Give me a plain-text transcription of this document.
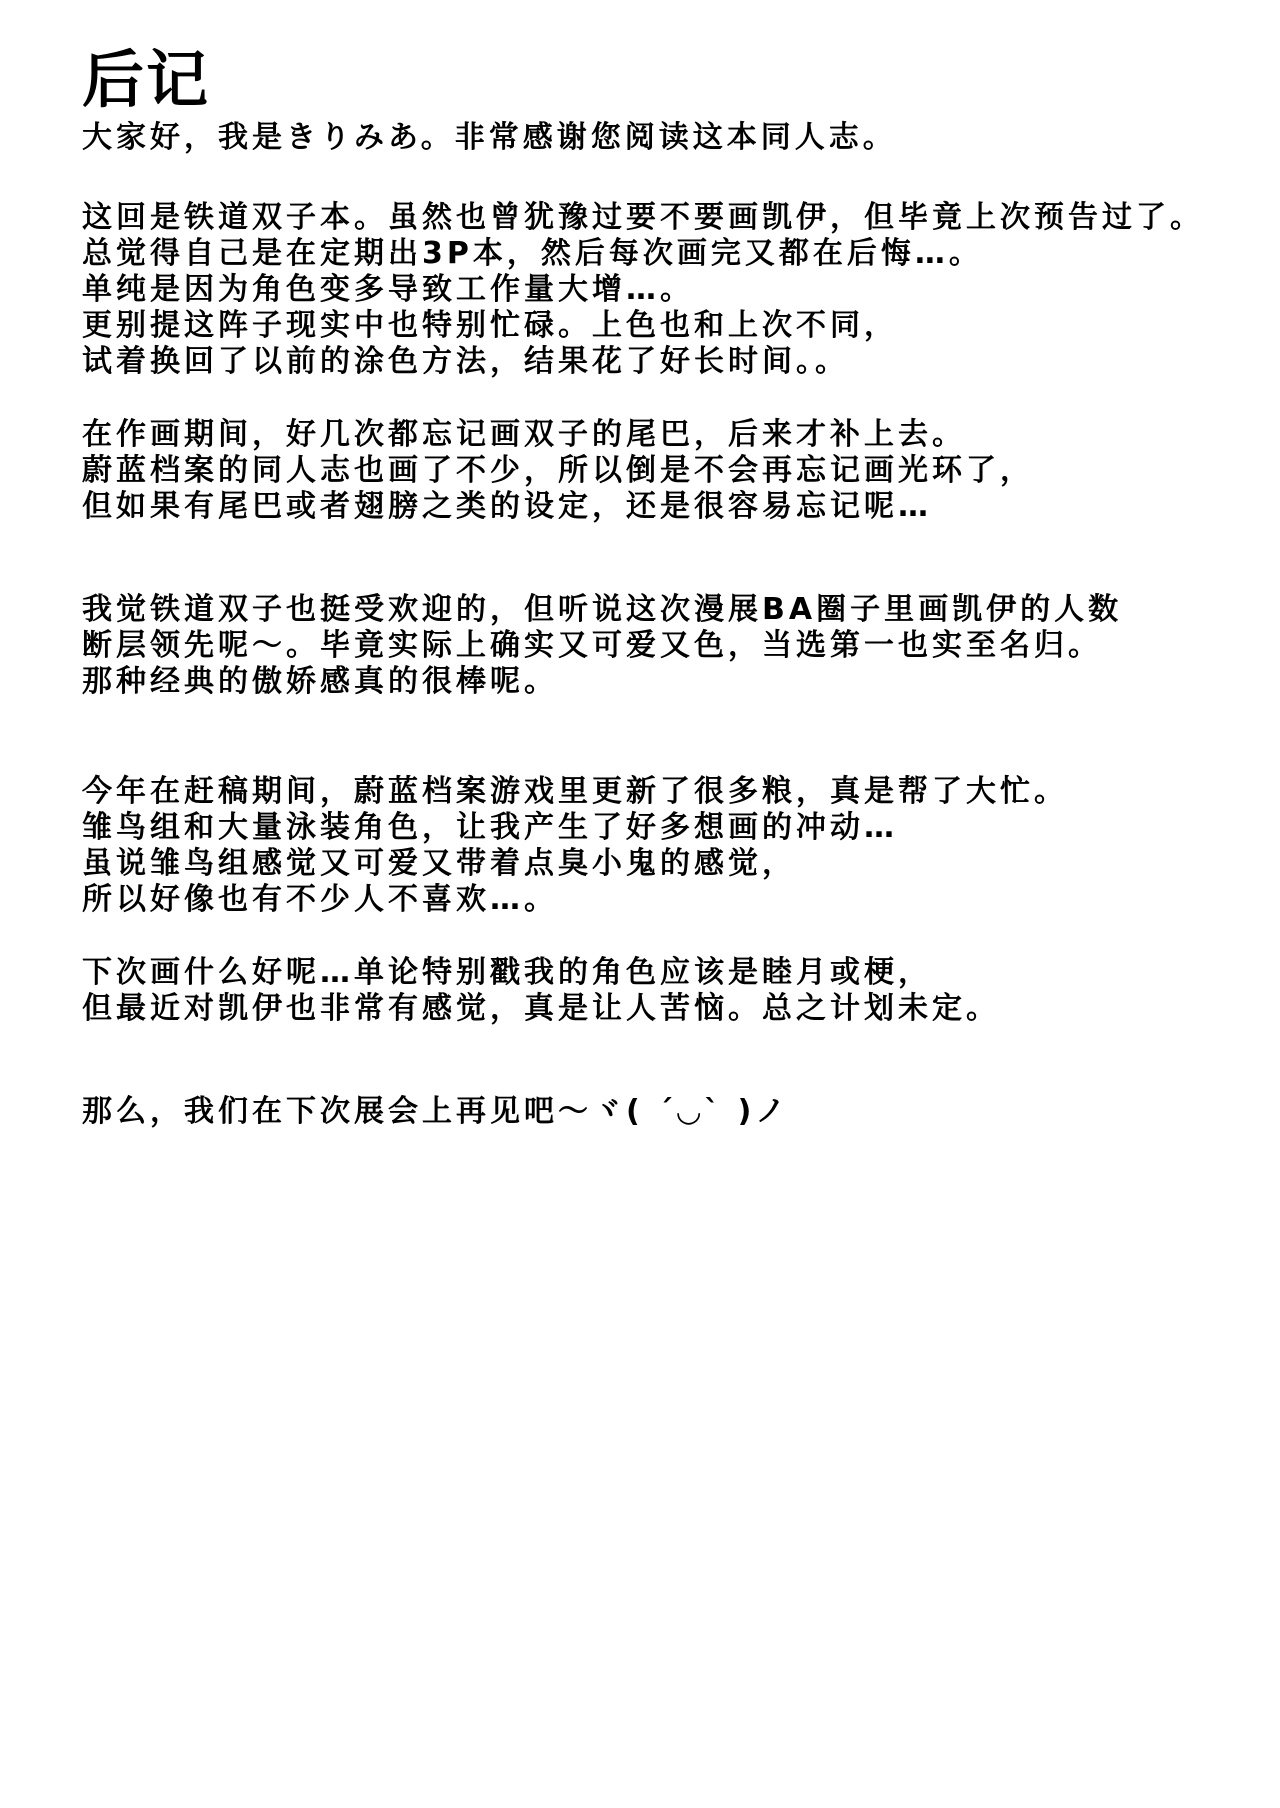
后记

大家好，我是きりみあ。非常感谢您阅读这本同人志。

这回是铁道双子本。虽然也曾犹豫过要不要画凯伊，但毕竟上次预告过了。

总觉得自己是在定期出3P本，然后每次画完又都在后悔…。

单纯是因为角色变多导致工作量大增…。

更别提这阵子现实中也特别忙碌。上色也和上次不同，

试着换回了以前的涂色方法，结果花了好长时间。。

在作画期间，好几次都忘记画双子的尾巴，后来才补上去。

蔚蓝档案的同人志也画了不少，所以倒是不会再忘记画光环了，

但如果有尾巴或者翅膀之类的设定，还是很容易忘记呢…

我觉铁道双子也挺受欢迎的，但听说这次漫展BA圈子里画凯伊的人数

断层领先呢～。毕竟实际上确实又可爱又色，当选第一也实至名归。

那种经典的傲娇感真的很棒呢。

今年在赶稿期间，蔚蓝档案游戏里更新了很多粮，真是帮了大忙。

雏鸟组和大量泳装角色，让我产生了好多想画的冲动…

虽说雏鸟组感觉又可爱又带着点臭小鬼的感觉，

所以好像也有不少人不喜欢…。

下次画什么好呢…单论特别戳我的角色应该是睦月或梗，

但最近对凯伊也非常有感觉，真是让人苦恼。总之计划未定。

那么，我们在下次展会上再见吧～ヾ( ´◡` )ノ
